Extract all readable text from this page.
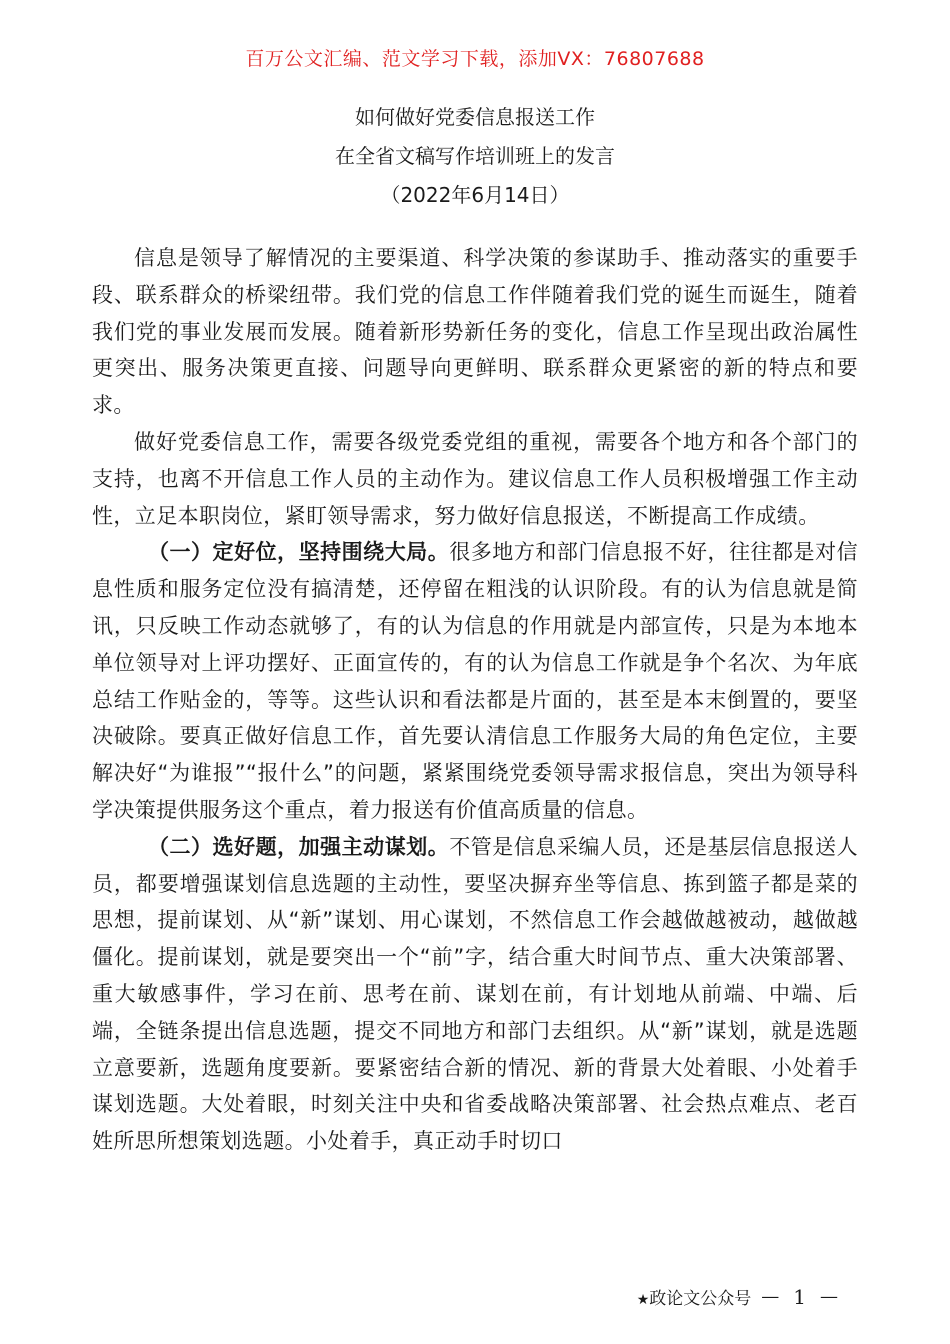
百万公文汇编、范文学习下载，添加VX：76807688
如何做好党委信息报送工作
在全省文稿写作培训班上的发言
（2022年6月14日）

信息是领导了解情况的主要渠道、科学决策的参谋助手、推动落实的重要手段、联系群众的桥梁纽带。我们党的信息工作伴随着我们党的诞生而诞生，随着我们党的事业发展而发展。随着新形势新任务的变化，信息工作呈现出政治属性更突出、服务决策更直接、问题导向更鲜明、联系群众更紧密的新的特点和要求。

做好党委信息工作，需要各级党委党组的重视，需要各个地方和各个部门的支持，也离不开信息工作人员的主动作为。建议信息工作人员积极增强工作主动性，立足本职岗位，紧盯领导需求，努力做好信息报送，不断提高工作成绩。

（一）定好位，坚持围绕大局。很多地方和部门信息报不好，往往都是对信息性质和服务定位没有搞清楚，还停留在粗浅的认识阶段。有的认为信息就是简讯，只反映工作动态就够了，有的认为信息的作用就是内部宣传，只是为本地本单位领导对上评功摆好、正面宣传的，有的认为信息工作就是争个名次、为年底总结工作贴金的，等等。这些认识和看法都是片面的，甚至是本末倒置的，要坚决破除。要真正做好信息工作，首先要认清信息工作服务大局的角色定位，主要解决好“为谁报”“报什么”的问题，紧紧围绕党委领导需求报信息，突出为领导科学决策提供服务这个重点，着力报送有价值高质量的信息。

（二）选好题，加强主动谋划。不管是信息采编人员，还是基层信息报送人员，都要增强谋划信息选题的主动性，要坚决摒弃坐等信息、拣到篮子都是菜的思想，提前谋划、从“新”谋划、用心谋划，不然信息工作会越做越被动，越做越僵化。提前谋划，就是要突出一个“前”字，结合重大时间节点、重大决策部署、重大敏感事件，学习在前、思考在前、谋划在前，有计划地从前端、中端、后端，全链条提出信息选题，提交不同地方和部门去组织。从“新”谋划，就是选题立意要新，选题角度要新。要紧密结合新的情况、新的背景大处着眼、小处着手谋划选题。大处着眼，时刻关注中央和省委战略决策部署、社会热点难点、老百姓所思所想策划选题。小处着手，真正动手时切口

★政论文公众号 — 1 —
